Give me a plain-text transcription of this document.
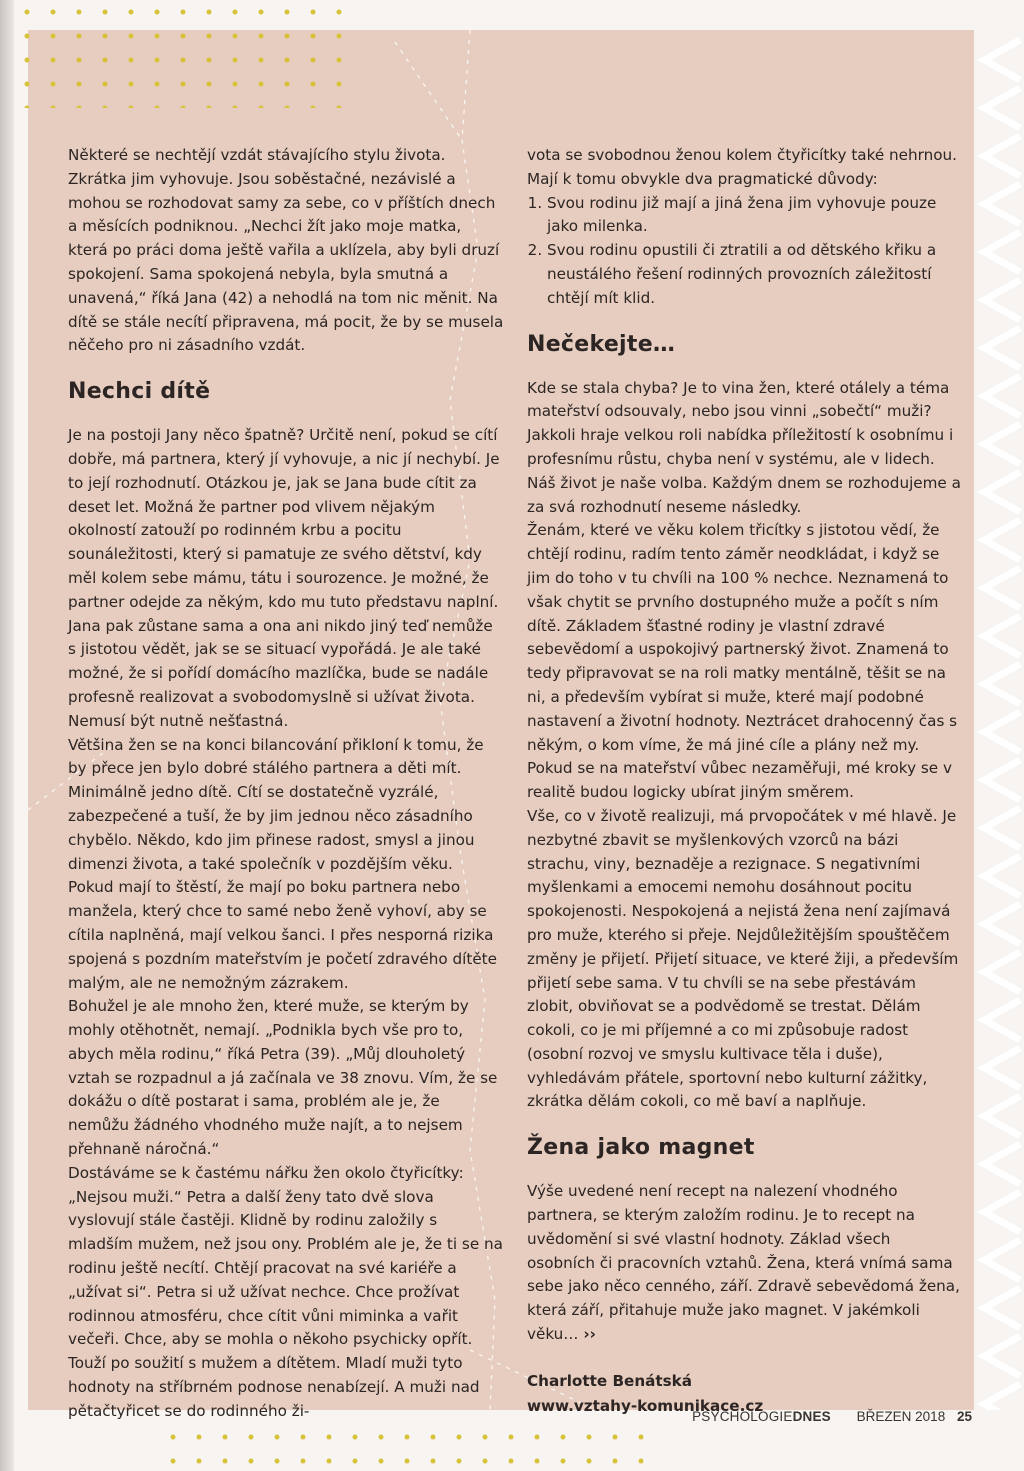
Některé se nechtějí vzdát stávajícího stylu života. Zkrátka jim vyhovuje. Jsou soběstačné, nezávislé a mohou se rozhodovat samy za sebe, co v příštích dnech a měsících podniknou. „Nechci žít jako moje matka, která po práci doma ještě vařila a uklízela, aby byli druzí spokojení. Sama spokojená nebyla, byla smutná a unavená,“ říká Jana (42) a nehodlá na tom nic měnit. Na dítě se stále necítí připravena, má pocit, že by se musela něčeho pro ni zásadního vzdát.

Nechci dítě

Je na postoji Jany něco špatně? Určitě není, pokud se cítí dobře, má partnera, který jí vyhovuje, a nic jí nechybí. Je to její rozhodnutí. Otázkou je, jak se Jana bude cítit za deset let. Možná že partner pod vlivem nějakým okolností zatouží po rodinném krbu a pocitu sounáležitosti, který si pamatuje ze svého dětství, kdy měl kolem sebe mámu, tátu i sourozence. Je možné, že partner odejde za někým, kdo mu tuto představu naplní. Jana pak zůstane sama a ona ani nikdo jiný teď nemůže s jistotou vědět, jak se se situací vypořádá. Je ale také možné, že si pořídí domácího mazlíčka, bude se nadále profesně realizovat a svobodomyslně si užívat života. Nemusí být nutně nešťastná.

Většina žen se na konci bilancování přikloní k tomu, že by přece jen bylo dobré stálého partnera a děti mít. Minimálně jedno dítě. Cítí se dostatečně vyzrálé, zabezpečené a tuší, že by jim jednou něco zásadního chybělo. Někdo, kdo jim přinese radost, smysl a jinou dimenzi života, a také společník v pozdějším věku.

Pokud mají to štěstí, že mají po boku partnera nebo manžela, který chce to samé nebo ženě vyhoví, aby se cítila naplněná, mají velkou šanci. I přes nesporná rizika spojená s pozdním mateřstvím je početí zdravého dítěte malým, ale ne nemožným zázrakem.

Bohužel je ale mnoho žen, které muže, se kterým by mohly otěhotnět, nemají. „Podnikla bych vše pro to, abych měla rodinu,“ říká Petra (39). „Můj dlouholetý vztah se rozpadnul a já začínala ve 38 znovu. Vím, že se dokážu o dítě postarat i sama, problém ale je, že nemůžu žádného vhodného muže najít, a to nejsem přehnaně náročná.“

Dostáváme se k častému nářku žen okolo čtyřicítky: „Nejsou muži.“ Petra a další ženy tato dvě slova vyslovují stále častěji. Klidně by rodinu založily s mladším mužem, než jsou ony. Problém ale je, že ti se na rodinu ještě necítí. Chtějí pracovat na své kariéře a „užívat si“. Petra si už užívat nechce. Chce prožívat rodinnou atmosféru, chce cítit vůni miminka a vařit večeři. Chce, aby se mohla o někoho psychicky opřít. Touží po soužití s mužem a dítětem. Mladí muži tyto hodnoty na stříbrném podnose nenabízejí. A muži nad pětačtyřicet se do rodinného ži-

vota se svobodnou ženou kolem čtyřicítky také nehrnou. Mají k tomu obvykle dva pragmatické důvody:

1. Svou rodinu již mají a jiná žena jim vyhovuje pouze jako milenka.
2. Svou rodinu opustili či ztratili a od dětského křiku a neustálého řešení rodinných provozních záležitostí chtějí mít klid.
Nečekejte…

Kde se stala chyba? Je to vina žen, které otálely a téma mateřství odsouvaly, nebo jsou vinni „sobečtí“ muži? Jakkoli hraje velkou roli nabídka příležitostí k osobnímu i profesnímu růstu, chyba není v systému, ale v lidech. Náš život je naše volba. Každým dnem se rozhodujeme a za svá rozhodnutí neseme následky.

Ženám, které ve věku kolem třicítky s jistotou vědí, že chtějí rodinu, radím tento záměr neodkládat, i když se jim do toho v tu chvíli na 100 % nechce. Neznamená to však chytit se prvního dostupného muže a počít s ním dítě. Základem šťastné rodiny je vlastní zdravé sebevědomí a uspokojivý partnerský život. Znamená to tedy připravovat se na roli matky mentálně, těšit se na ni, a především vybírat si muže, které mají podobné nastavení a životní hodnoty. Neztrácet drahocenný čas s někým, o kom víme, že má jiné cíle a plány než my. Pokud se na mateřství vůbec nezaměřuji, mé kroky se v realitě budou logicky ubírat jiným směrem.

Vše, co v životě realizuji, má prvopočátek v mé hlavě. Je nezbytné zbavit se myšlenkových vzorců na bázi strachu, viny, beznaděje a rezignace. S negativními myšlenkami a emocemi nemohu dosáhnout pocitu spokojenosti. Nespokojená a nejistá žena není zajímavá pro muže, kterého si přeje. Nejdůležitějším spouštěčem změny je přijetí. Přijetí situace, ve které žiji, a především přijetí sebe sama. V tu chvíli se na sebe přestávám zlobit, obviňovat se a podvědomě se trestat. Dělám cokoli, co je mi příjemné a co mi způsobuje radost (osobní rozvoj ve smyslu kultivace těla i duše), vyhledávám přátele, sportovní nebo kulturní zážitky, zkrátka dělám cokoli, co mě baví a naplňuje.

Žena jako magnet

Výše uvedené není recept na nalezení vhodného partnera, se kterým založím rodinu. Je to recept na uvědomění si své vlastní hodnoty. Základ všech osobních či pracovních vztahů. Žena, která vnímá sama sebe jako něco cenného, září. Zdravě sebevědomá žena, která září, přitahuje muže jako magnet. V jakémkoli věku… ››

Charlotte Benátská
www.vztahy-komunikace.cz
PSYCHOLOGIEDNES BŘEZEN 2018 25
